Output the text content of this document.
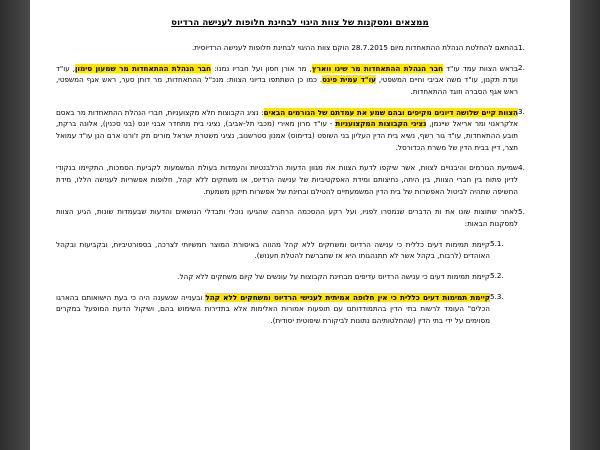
ממצאים ומסקנות של צוות היגוי לבחינת חלופות לענישה הרדיוס
1.
בהתאם להחלטת הנהלת ההתאחדות מיום 28.7.2015 הוקם צוות ההיגוי לבחינת חלופות לענישה הרדיוסית.
2.
בראש הצוות עמד עו"ד חבר הנהלת ההתאחדות מר שינו ווארץ, מר אורן חסון ועל חבריו נמנו: חבר הנהלת ההתאחדות מר שמעון סימון, עו"ד ועדת תקנון, עו"ד משה אביבי וחיים המשפטי, עו"ד עמית פינס. כמו כן השתתפו בדיוני הצוות: מנכ"ל ההתאחדות, מר דותן סער, ראש אגף המשפטי, ראש אגף הסברה וזוגד ההתאחדות.
3.
הצוות קיים שלושה דיונים מקיפים ובהם שמע את עמדתם של הגורמים הבאים: נציג הקבוצות חלא מקצועניות, חברי הנהלת ההתאחדות מר באסם אלקראנוי ומר אריאל שיינמן, נציגי הקבוצות המקצועניות - עו"ד מרון מאירי (מכבי תל-אביב), נציגי בית מתחדר אבני יונס (בני סכנין), אלונה ברקת, תובע ההתאחדות, עו"ד גור רשף, נשיא בית הדין העליון בני השופט (בדימוס) אמנון סטרשנוב, נציגי משטרת ישראל מורים תק ז'ורנו ארם הנן עו"ד עמואל תצר, דיין בבית הדין של משרת הכדורסל.
4.
שמיעת הגורמים והיבנויים לצוות, אשר שיקפו לדעת הצוות את מגוון הדעות הרלבנטיות והעמדות בעולת המשמעות לקביעת הסמכות, התקיימו בנקודי לדיון פתוח בין חברי הצוות, בין היתה, נחיצותם ומידת האפקטיביות של ענישה הרדיוס, או משחקים ללא קהל, חלופות אפשריות לענישה הללו, מידת החשיפה שתהיה לביטול האפשרות של בית הדין המשמעתיים להטילם ובחינת של אפשרות תיקון משמעת.
5.
לאחר שתוצות שונו את ות הדברים שנמסרו לפניו, ועל רקע ההסכמה הרחבה שהגיעו נוכלי ותבדלי הנושאים והדעות שבעמדות שונות, הגיע הצוות למסקנות הבאות:
5.1.
קיימת תמימות דעים כללית כי ענישה הרדיוס ומשחקים ללא קהל מהווה באיסורת המוצר חמשיותי לצרכה, בספורטיביות, ובקביעות ובקהל האוהדים (לרבות, בקהל אשר לא תתנהגותו היא אז שחברשת להטלת חענוש).
5.2.
קיימת תמימות דעים כי ענישה הרדיוס עדיפים מבחינת הקבוצות על עונשים של קיום משחקים ללא קהל.
5.3.
קיימת תמימות דעים כללית כי אין חלופה אמיתית לענישי הרדיוס ומשחקים ללא קהל ובענייה שנשענה היה כי בעת הישואותם בהארגו הכלים" העומד לרשות בתי הדין בהתמודדותם עם תופעות אמורות האלימות אלא בתדירות השימוש בהם, ושיקול הדעת המופעל במקרים מסוימים על ידי בתי הדין (שהחלטותיהם נתונות לביקורת שיפוטית יסודית).
